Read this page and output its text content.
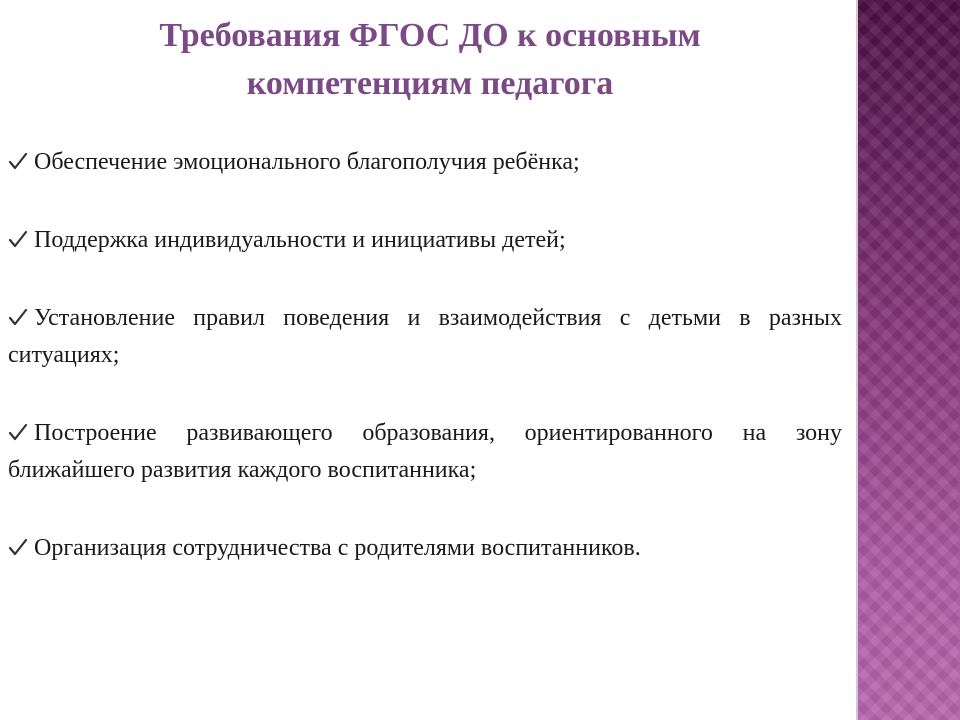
Требования ФГОС ДО к основным
компетенциям педагога
Обеспечение эмоционального благополучия ребёнка;
Поддержка индивидуальности и инициативы детей;
Установление правил поведения и взаимодействия с детьми в разных ситуациях;
Построение развивающего образования, ориентированного на зону ближайшего развития каждого воспитанника;
Организация сотрудничества с родителями воспитанников.
